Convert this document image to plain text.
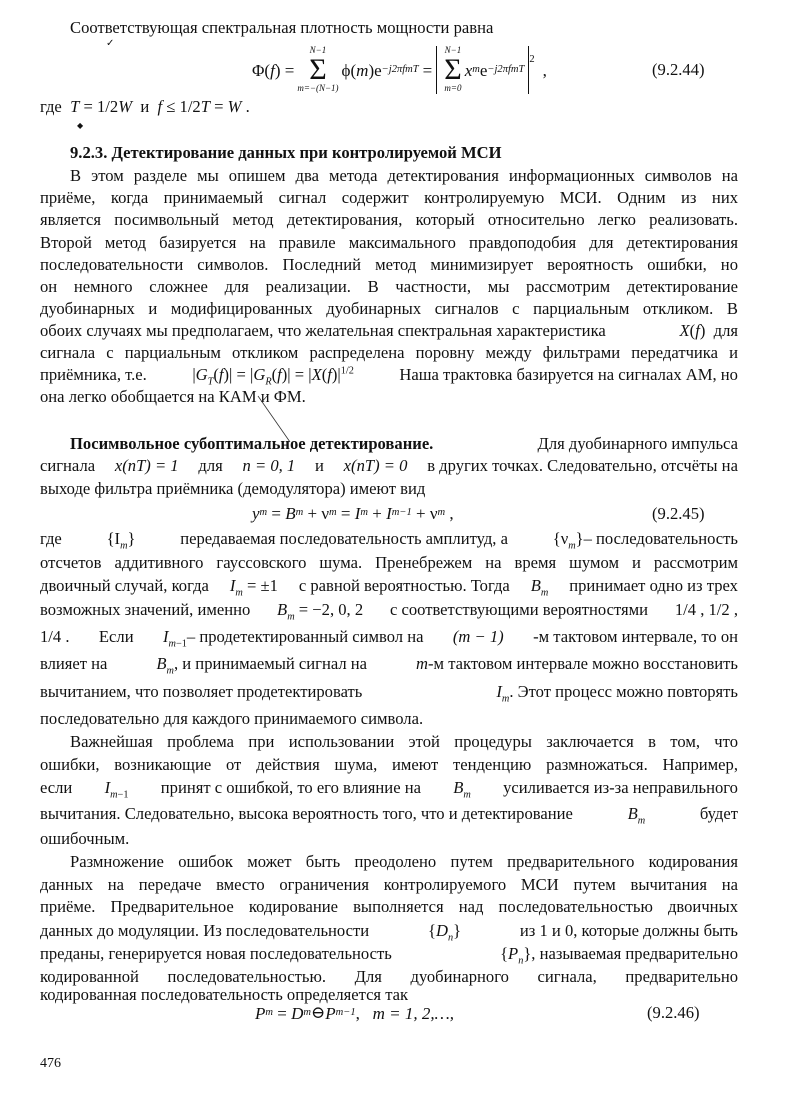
Соответствующая спектральная плотность мощности равна
✓
Φ( f ) =
N−1
Σ
m=−(N−1)
ϕ( m )e −j2πfmT =
N−1
Σ
m=0
x m e −j2πfmT
$^2$
,	(9.2.44)
где T = 1/2W и f ≤ 1/2T = W .
◆
9.2.3. Детектирование данных при контролируемой МСИ
В этом разделе мы опишем два метода детектирования информационных символов на
приёме, когда принимаемый сигнал содержит контролируемую МСИ. Одним из них
является посимвольный метод детектирования, который относительно легко реализовать.
Второй метод базируется на правиле максимального правдоподобия для детектирования
последовательности символов. Последний метод минимизирует вероятность ошибки, но
он немного сложнее для реализации. В частности, мы рассмотрим детектирование
дуобинарных и модифицированных дуобинарных сигналов с парциальным откликом. В
обоих случаях мы предполагаем, что желательная спектральная характеристика	X(f)  для
сигнала с парциальным откликом распределена поровну между фильтрами передатчика и
приёмника, т.е.	$|G_T(f)| = |G_R(f)| = |X(f)|^{1/2}$	Наша трактовка базируется на сигналах АМ, но
она легко обобщается на КАМ и ФМ.
Посимвольное субоптимальное детектирование.	Для дуобинарного импульса
сигнала x(nT) = 1 для n = 0, 1 и x(nT) = 0 в других точках. Следовательно, отсчёты на
выходе фильтра приёмника (демодулятора) имеют вид
y m = B m + ν m = I m + I m−1 + ν m ,	(9.2.45)
где	$\{I_m\}$	передаваемая последовательность амплитуд, а	$\{\nu_m\}-$ последовательность
отсчетов аддитивного гауссовского шума. Пренебрежем на время шумом и рассмотрим
двоичный случай, когда $I_m = \pm 1$ с равной вероятностью. Тогда $B_m$ принимает одно из трех
возможных значений, именно $B_m = -2$, 0, 2 с соответствующими вероятностями 1/4 , 1/2 ,
1/4 . Если $I_{m-1}-$ продетектированный символ на (m − 1) -м тактовом интервале, то он
влияет на	$B_m$, и принимаемый сигнал на	m-м тактовом интервале можно восстановить
вычитанием, что позволяет продетектировать	$I_m$. Этот процесс можно повторять
последовательно для каждого принимаемого символа.
Важнейшая проблема при использовании этой процедуры заключается в том, что
ошибки, возникающие от действия шума, имеют тенденцию размножаться. Например,
если $I_{m-1}$ принят с ошибкой, то его влияние на $B_m$ усиливается из-за неправильного
вычитания. Следовательно, высока вероятность того, что и детектирование	$B_m$	будет
ошибочным.
Размножение ошибок может быть преодолено путем предварительного кодирования
данных на передаче вместо ограничения контролируемого МСИ путем вычитания на
приёме. Предварительное кодирование выполняется над последовательностью двоичных
данных до модуляции. Из последовательности	$\{D_n\}$	из 1 и 0, которые должны быть
преданы, генерируется новая последовательность	$\{P_n\}$, называемая предварительно
кодированной последовательностью. Для дуобинарного сигнала, предварительно
кодированная последовательность определяется так
P m = D m ⊖ P m−1 , m = 1, 2,…,	(9.2.46)
476
